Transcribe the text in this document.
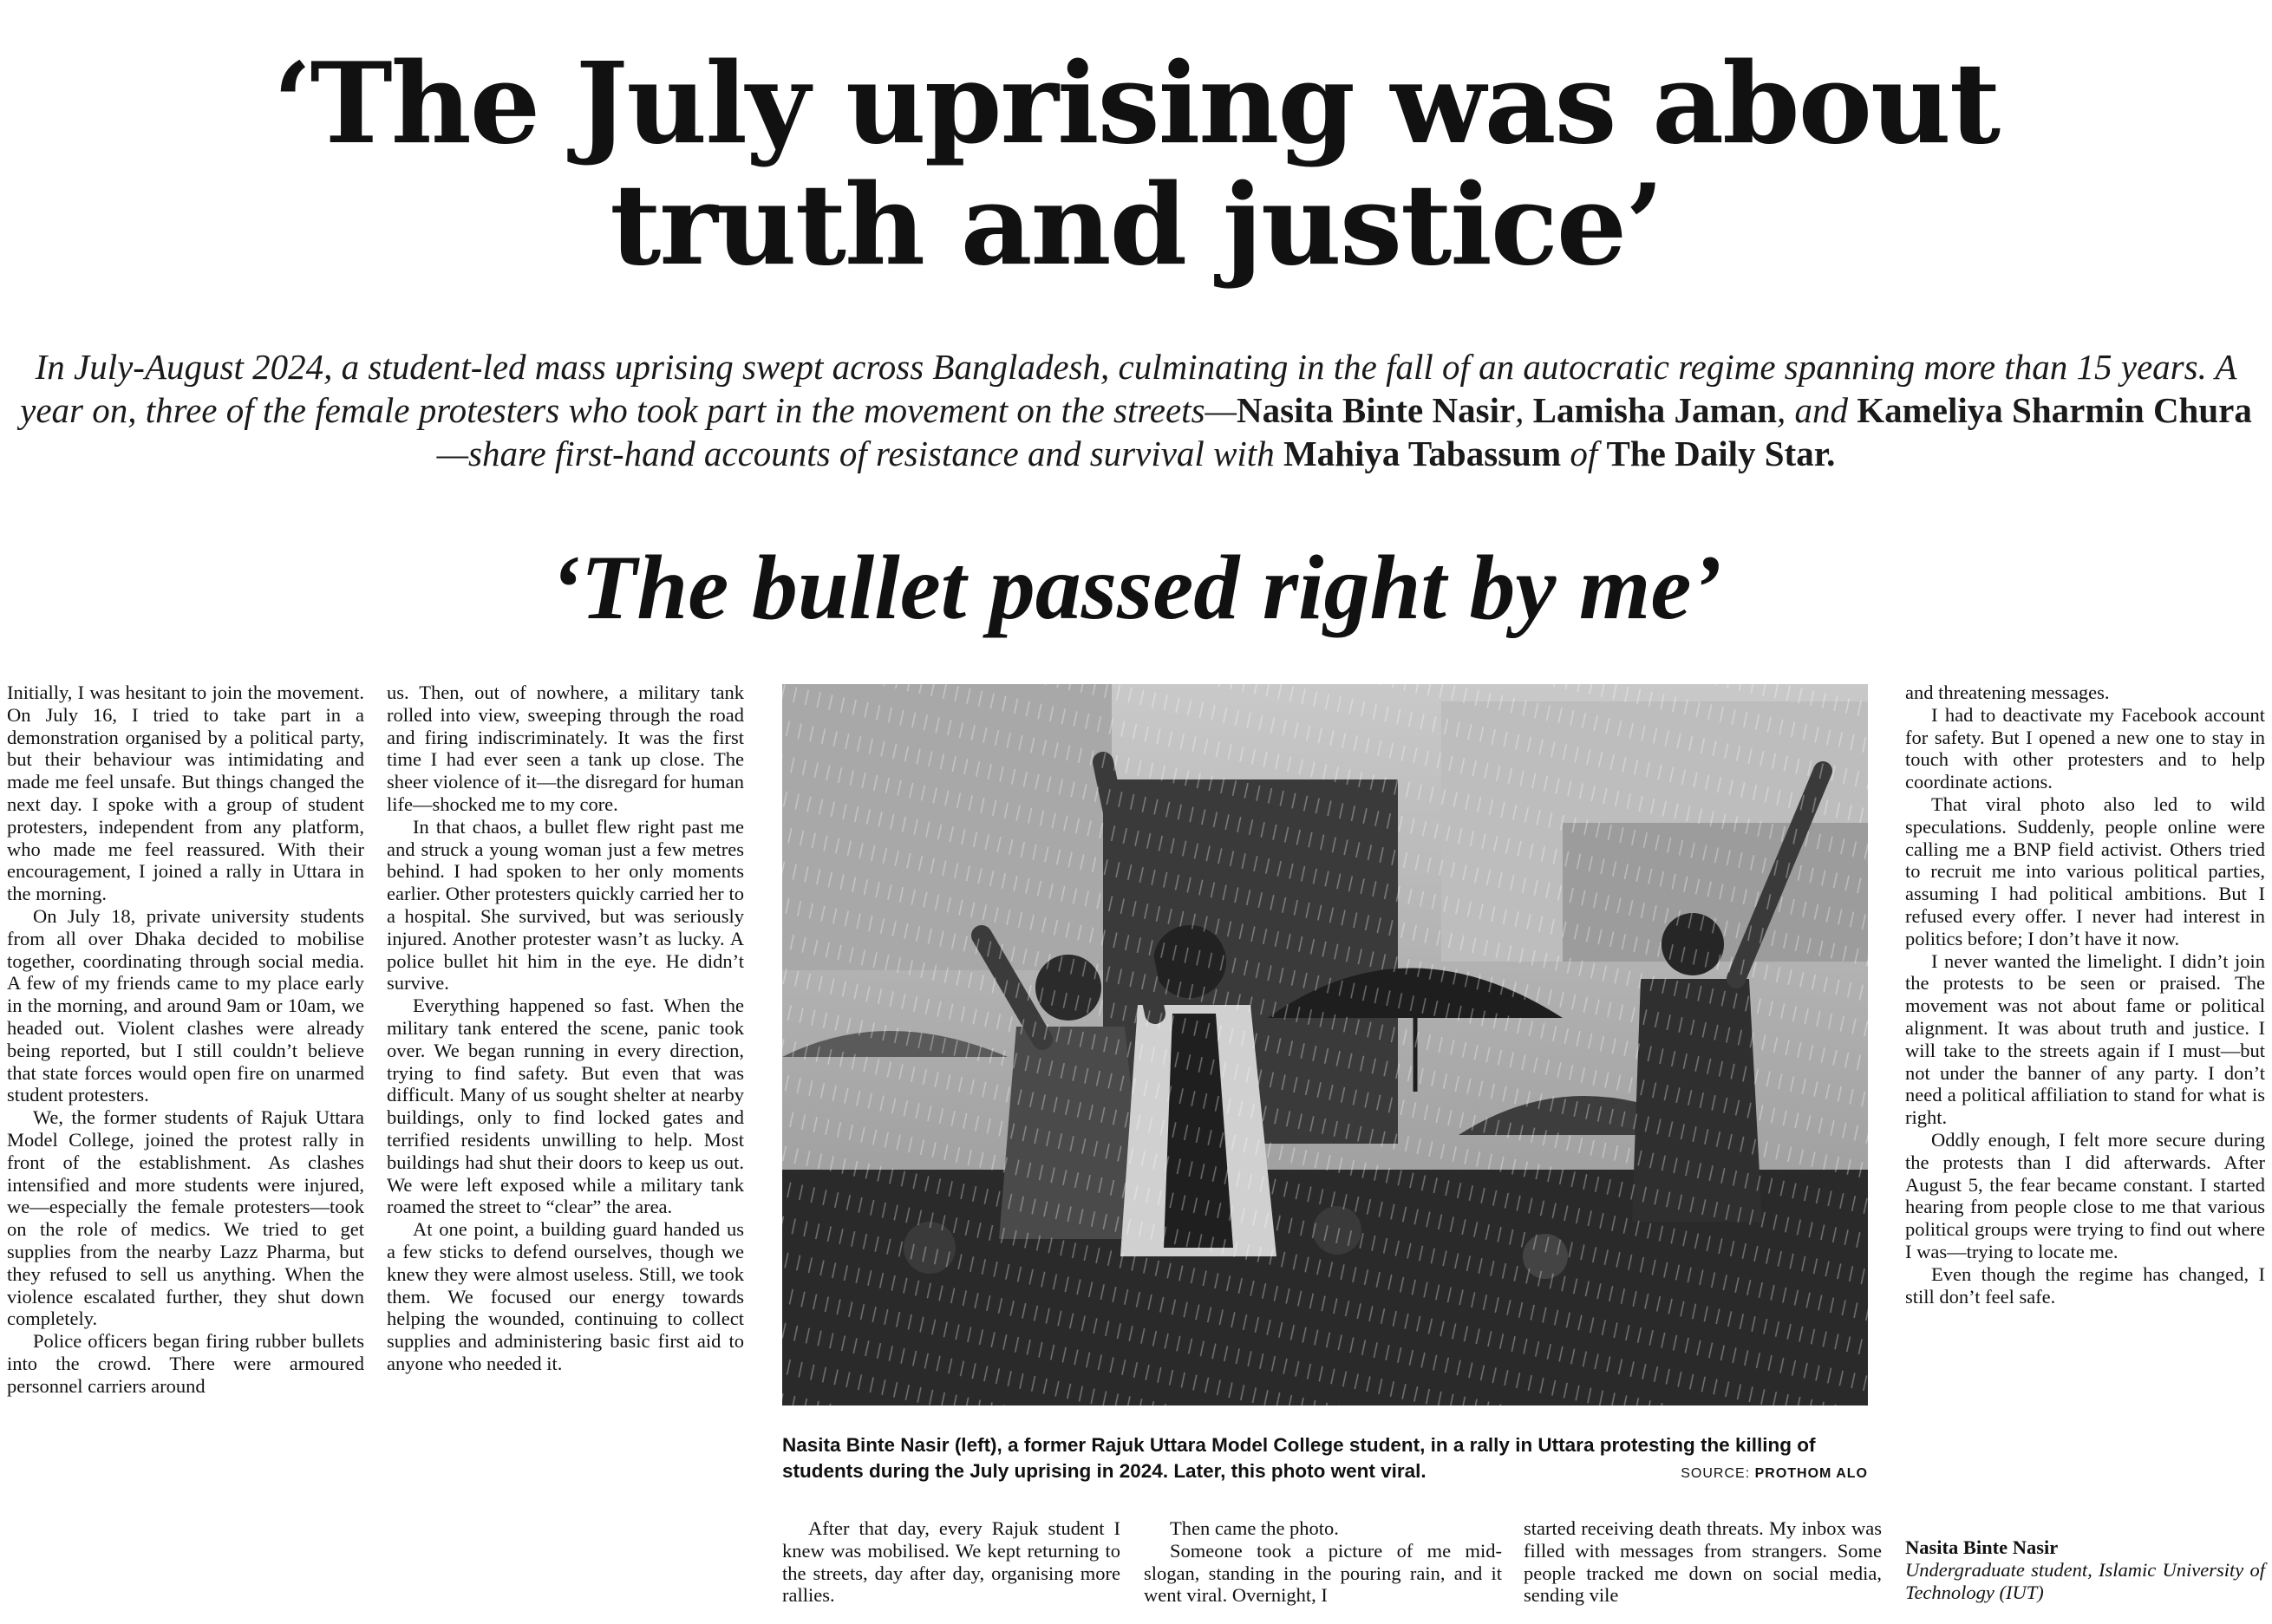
‘The July uprising was about
truth and justice’

In July-August 2024, a student-led mass uprising swept across Bangladesh, culminating in the fall of an autocratic regime spanning more than 15 years. A year on, three of the female protesters who took part in the movement on the streets—Nasita Binte Nasir, Lamisha Jaman, and Kameliya Sharmin Chura—share first-hand accounts of resistance and survival with Mahiya Tabassum of The Daily Star.

‘The bullet passed right by me’

Initially, I was hesitant to join the movement. On July 16, I tried to take part in a demonstration organised by a political party, but their behaviour was intimidating and made me feel unsafe. But things changed the next day. I spoke with a group of student protesters, independent from any platform, who made me feel reassured. With their encouragement, I joined a rally in Uttara in the morning.

On July 18, private university students from all over Dhaka decided to mobilise together, coordinating through social media. A few of my friends came to my place early in the morning, and around 9am or 10am, we headed out. Violent clashes were already being reported, but I still couldn’t believe that state forces would open fire on unarmed student protesters.

We, the former students of Rajuk Uttara Model College, joined the protest rally in front of the establishment. As clashes intensified and more students were injured, we—especially the female protesters—took on the role of medics. We tried to get supplies from the nearby Lazz Pharma, but they refused to sell us anything. When the violence escalated further, they shut down completely.

Police officers began firing rubber bullets into the crowd. There were armoured personnel carriers around

us. Then, out of nowhere, a military tank rolled into view, sweeping through the road and firing indiscriminately. It was the first time I had ever seen a tank up close. The sheer violence of it—the disregard for human life—shocked me to my core.

In that chaos, a bullet flew right past me and struck a young woman just a few metres behind. I had spoken to her only moments earlier. Other protesters quickly carried her to a hospital. She survived, but was seriously injured. Another protester wasn’t as lucky. A police bullet hit him in the eye. He didn’t survive.

Everything happened so fast. When the military tank entered the scene, panic took over. We began running in every direction, trying to find safety. But even that was difficult. Many of us sought shelter at nearby buildings, only to find locked gates and terrified residents unwilling to help. Most buildings had shut their doors to keep us out. We were left exposed while a military tank roamed the street to “clear” the area.

At one point, a building guard handed us a few sticks to defend ourselves, though we knew they were almost useless. Still, we took them. We focused our energy towards helping the wounded, continuing to collect supplies and administering basic first aid to anyone who needed it.

Nasita Binte Nasir (left), a former Rajuk Uttara Model College student, in a rally in Uttara protesting the killing of students during the July uprising in 2024. Later, this photo went viral.	SOURCE: PROTHOM ALO

After that day, every Rajuk student I knew was mobilised. We kept returning to the streets, day after day, organising more rallies.

Then came the photo.

Someone took a picture of me mid-slogan, standing in the pouring rain, and it went viral. Overnight, I

started receiving death threats. My inbox was filled with messages from strangers. Some people tracked me down on social media, sending vile

and threatening messages.

I had to deactivate my Facebook account for safety. But I opened a new one to stay in touch with other protesters and to help coordinate actions.

That viral photo also led to wild speculations. Suddenly, people online were calling me a BNP field activist. Others tried to recruit me into various political parties, assuming I had political ambitions. But I refused every offer. I never had interest in politics before; I don’t have it now.

I never wanted the limelight. I didn’t join the protests to be seen or praised. The movement was not about fame or political alignment. It was about truth and justice. I will take to the streets again if I must—but not under the banner of any party. I don’t need a political affiliation to stand for what is right.

Oddly enough, I felt more secure during the protests than I did afterwards. After August 5, the fear became constant. I started hearing from people close to me that various political groups were trying to find out where I was—trying to locate me.

Even though the regime has changed, I still don’t feel safe.

Nasita Binte Nasir
Undergraduate student, Islamic University of Technology (IUT)
